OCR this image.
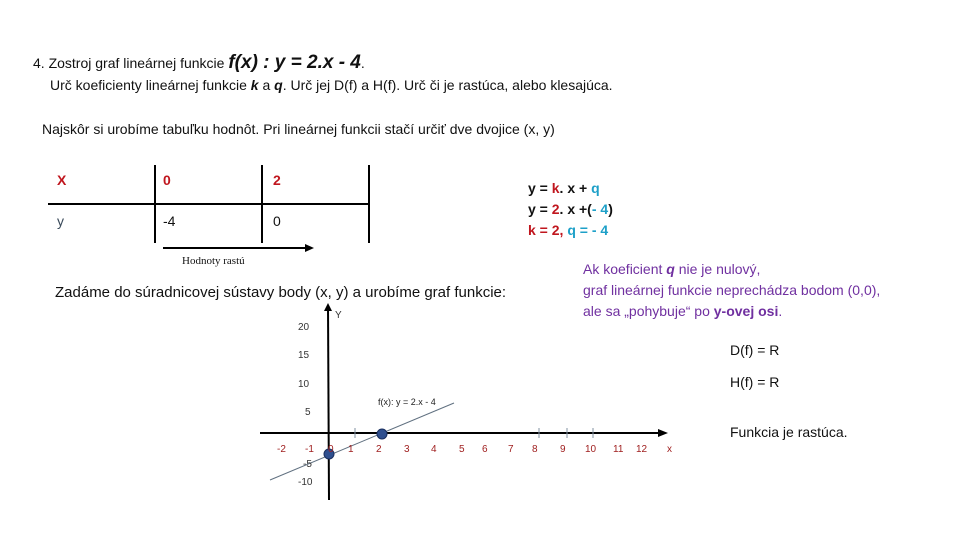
4. Zostroj graf lineárnej funkcie f(x) : y = 2.x - 4.
Urč koeficienty lineárnej funkcie k a q. Urč jej D(f) a H(f). Urč či je rastúca, alebo klesajúca.
Najskôr si urobíme tabuľku hodnôt. Pri lineárnej funkcii stačí určiť dve dvojice (x, y)
X	0	2
y	-4	0
Hodnoty rastú
y = k. x + q
y = 2. x +(- 4)
k = 2, q = - 4
Ak koeficient q nie je nulový,
graf lineárnej funkcie neprechádza bodom (0,0),
ale sa „pohybuje“ po y-ovej osi.
Zadáme do súradnicovej sústavy body (x, y) a urobíme graf funkcie:
Y
20
15
10
5
-5
-10
-2 -1 0 1 2 3 4 5 6 7 8 9 10 11 12 x
f(x): y = 2.x - 4
D(f) = R
H(f) = R
Funkcia je rastúca.
